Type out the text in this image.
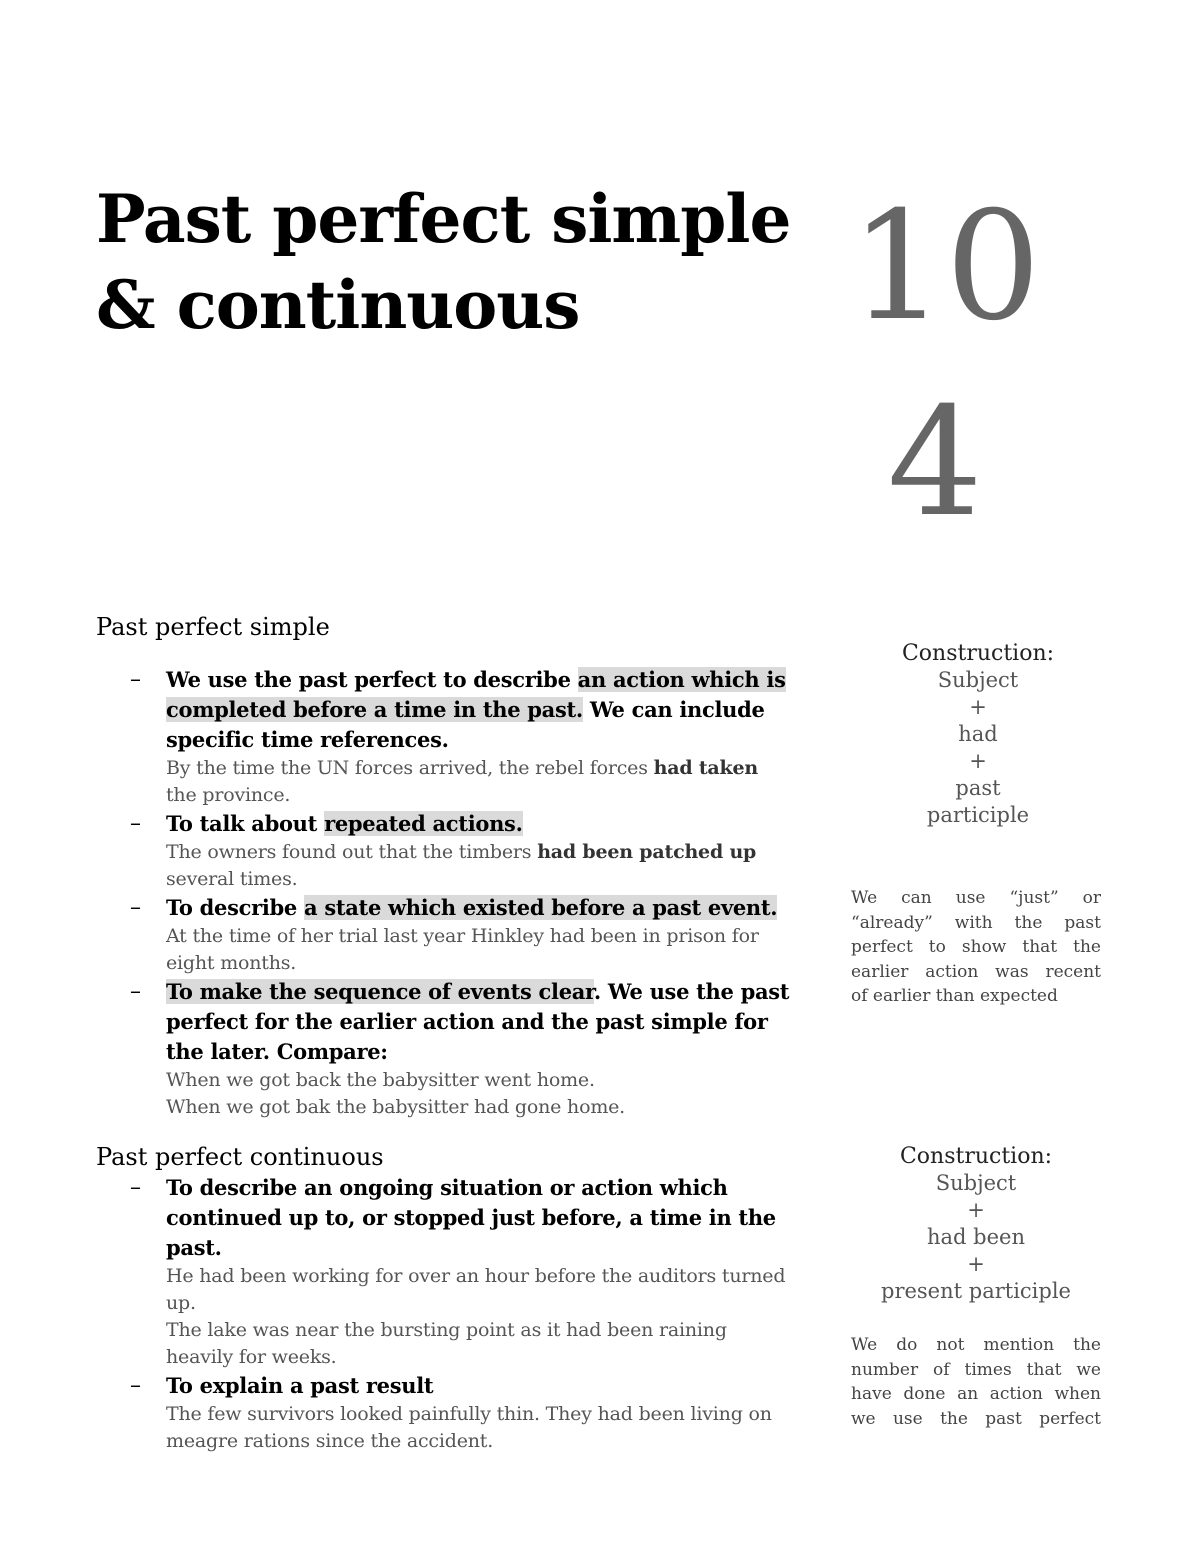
Past perfect simple
& continuous	10
4
Past perfect simple
– We use the past perfect to describe an action which is completed before a time in the past. We can include specific time references.
By the time the UN forces arrived, the rebel forces had taken the province.
– To talk about repeated actions.
The owners found out that the timbers had been patched up several times.
– To describe a state which existed before a past event.
At the time of her trial last year Hinkley had been in prison for eight months.
– To make the sequence of events clear. We use the past perfect for the earlier action and the past simple for the later. Compare:
When we got back the babysitter went home.
When we got bak the babysitter had gone home.
Construction:
Subject
+
had
+
past
participle
We can use “just” or
“already” with the past
perfect to show that the
earlier action was recent
of earlier than expected
Past perfect continuous
– To describe an ongoing situation or action which continued up to, or stopped just before, a time in the past.
He had been working for over an hour before the auditors turned up.
The lake was near the bursting point as it had been raining heavily for weeks.
– To explain a past result
The few survivors looked painfully thin. They had been living on meagre rations since the accident.
Construction:
Subject
+
had been
+
present participle
We do not mention the
number of times that we
have done an action when
we use the past perfect
